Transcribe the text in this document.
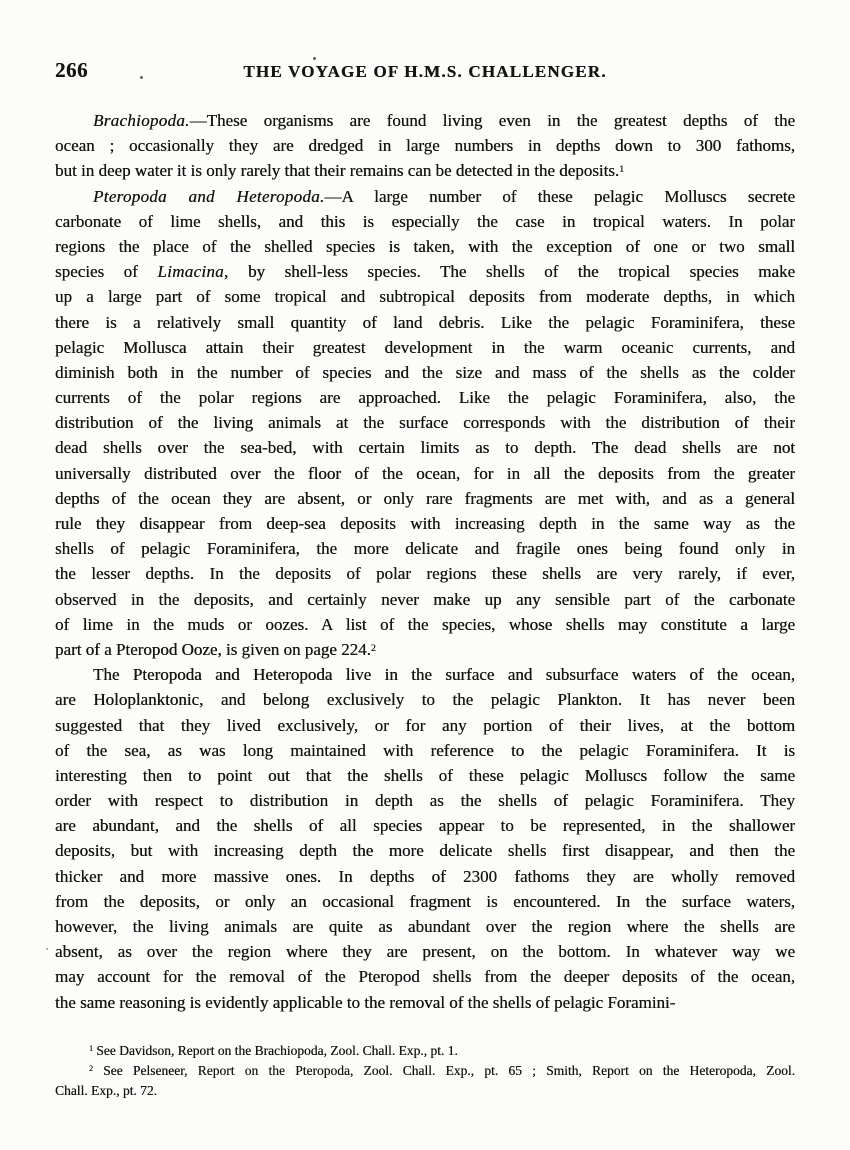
266	THE VOYAGE OF H.M.S. CHALLENGER.
Brachiopoda.—These organisms are found living even in the greatest depths of the
ocean ; occasionally they are dredged in large numbers in depths down to 300 fathoms,
but in deep water it is only rarely that their remains can be detected in the deposits.$^1$
Pteropoda and Heteropoda.—A large number of these pelagic Molluscs secrete
carbonate of lime shells, and this is especially the case in tropical waters. In polar
regions the place of the shelled species is taken, with the exception of one or two small
species of Limacina, by shell-less species. The shells of the tropical species make
up a large part of some tropical and subtropical deposits from moderate depths, in which
there is a relatively small quantity of land debris. Like the pelagic Foraminifera, these
pelagic Mollusca attain their greatest development in the warm oceanic currents, and
diminish both in the number of species and the size and mass of the shells as the colder
currents of the polar regions are approached. Like the pelagic Foraminifera, also, the
distribution of the living animals at the surface corresponds with the distribution of their
dead shells over the sea-bed, with certain limits as to depth. The dead shells are not
universally distributed over the floor of the ocean, for in all the deposits from the greater
depths of the ocean they are absent, or only rare fragments are met with, and as a general
rule they disappear from deep-sea deposits with increasing depth in the same way as the
shells of pelagic Foraminifera, the more delicate and fragile ones being found only in
the lesser depths. In the deposits of polar regions these shells are very rarely, if ever,
observed in the deposits, and certainly never make up any sensible part of the carbonate
of lime in the muds or oozes. A list of the species, whose shells may constitute a large
part of a Pteropod Ooze, is given on page 224.$^2$
The Pteropoda and Heteropoda live in the surface and subsurface waters of the ocean,
are Holoplanktonic, and belong exclusively to the pelagic Plankton. It has never been
suggested that they lived exclusively, or for any portion of their lives, at the bottom
of the sea, as was long maintained with reference to the pelagic Foraminifera. It is
interesting then to point out that the shells of these pelagic Molluscs follow the same
order with respect to distribution in depth as the shells of pelagic Foraminifera. They
are abundant, and the shells of all species appear to be represented, in the shallower
deposits, but with increasing depth the more delicate shells first disappear, and then the
thicker and more massive ones. In depths of 2300 fathoms they are wholly removed
from the deposits, or only an occasional fragment is encountered. In the surface waters,
however, the living animals are quite as abundant over the region where the shells are
absent, as over the region where they are present, on the bottom. In whatever way we
may account for the removal of the Pteropod shells from the deeper deposits of the ocean,
the same reasoning is evidently applicable to the removal of the shells of pelagic Foramini-
$^1$ See Davidson, Report on the Brachiopoda, Zool. Chall. Exp., pt. 1.
$^2$ See Pelseneer, Report on the Pteropoda, Zool. Chall. Exp., pt. 65 ; Smith, Report on the Heteropoda, Zool.
Chall. Exp., pt. 72.
